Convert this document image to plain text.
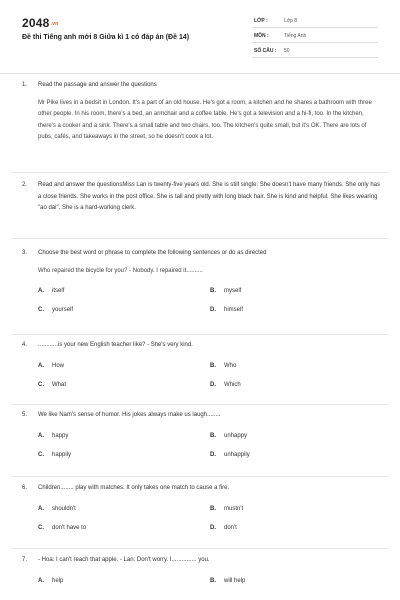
2048.vn
Đề thi Tiếng anh mới 8 Giữa kì 1 có đáp án (Đề 14)
LỚP :	Lớp 8
MÔN :	Tiếng Anh
SỐ CÂU : 50
1. Read the passage and answer the questions
Mr Pike lives in a bedsit in London. It's a part of an old house. He's got a room, a kitchen and he shares a bathroom with three other people. In his room, there's a bed, an armchair and a coffee table. He's got a television and a hi-fi, too. In the kitchen, there's a cooker and a sink. There's a small table and two chairs, too. The kitchen's quite small, but it's OK. There are lots of pubs, cafés, and takeaways in the street, so he doesn't cook a lot.
2. Read and answer the questionsMiss Lan is twenty-five years old. She is still single. She doesn't have many friends. She only has a close friends. She works in the post office. She is tall and pretty with long black hair. She is kind and helpful. She likes wearing "ao dai". She is a hard-working clerk.
3. Choose the best word or phrase to complete the following sentences or do as directed
Who repaired the bicycle for you? - Nobody. I repaired it..........
A. itself	B. myself
C. yourself	D. himself
4. ............is your new English teacher like? - She's very kind.
A. How	B. Who
C. What	D. Which
5. We like Nam's sense of humor. His jokes always make us laugh........
A. happy	B. unhappy
C. happily	D. unhappily
6. Children........ play with matches. It only takes one match to cause a fire.
A. shouldn't	B. mustn't
C. don't have to	D. don't
7. - Hoa: I can't reach that apple. - Lan: Don't worry. I............... you.
A. help	B. will help
